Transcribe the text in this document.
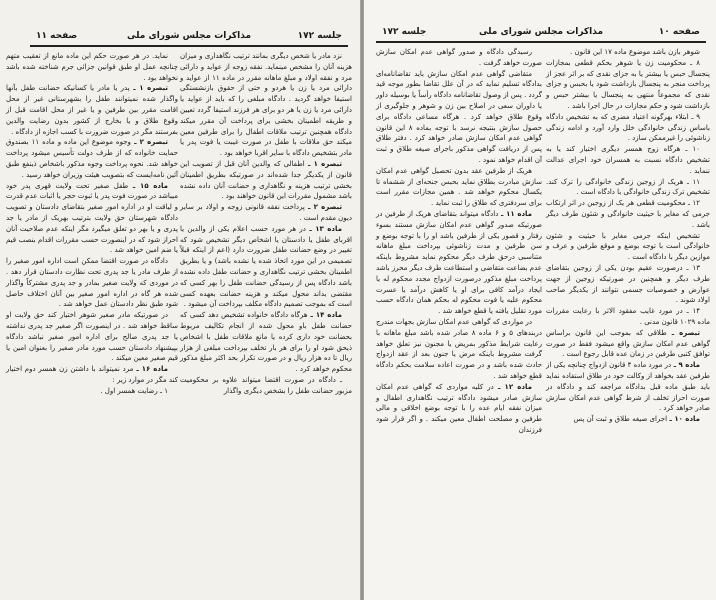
جلسه ۱۷۲
مذاکرات مجلس شورای ملی
صفحه ۱۱

نزد مادر یا شخص دیگری بمانند ترتیب نگاهداری و میزان هزینه آنان را مشخص مینماید. نفقه زوجه از عواید و دارائی مرد و نفقه اولاد و مبلغ ماهانه مقرر در ماده ۱۱ از عواید و دارائی مرد یا زن یا هردو و حتی از حقوق بازنشستگی استیفا خواهد گردید . دادگاه مبلغی را که باید از عواید یا دارائی مرد یا زن یا هر دو برای هر فرزند استیفا گردد تعیین و طریقه اطمینان بخشی برای پرداخت آن مقرر میکند دادگاه همچنین ترتیب ملاقات اطفال را برای طرفین معین میکند حق ملاقات با طفل در صورت غیبت یا فوت پدر یا مادر بتشخیص دادگاه با سایر اقربا خواهد بود .

تبصره ۱ ـ اطفالی که والدین آنان قبل از تصویب این قانون از یکدیگر جدا شده‌اند در صورتیکه بطریق اطمینان بخشی ترتیب هزینه و نگاهداری و حضانت آنان داده نشده باشد مشمول مقررات این قانون خواهند بود .

تبصره ۲ ـ پرداخت نفقه قانونی زوجه و اولاد بر سایر دیون مقدم است .

ماده ۱۳ ـ در هر مورد حسب اعلام یکی از والدین یا اقربای طفل یا دادستان یا اشخاص دیگر تشخیص شود که تغییر در وضع حضانت طفل ضرورت دارد (اعم از اینکه قبلاً تصمیمی در این مورد اتخاذ شده یا نشده باشد) و یا بطریق اطمینان بخشی ترتیب نگاهداری و حضانت طفل داده نشده باشد دادگاه پس از رسیدگی حضانت طفل را بهر کسی که مقتضی بداند محول میکند و هزینه حضانت بعهده کسی است که بموجب تصمیم دادگاه مکلف بپرداخت آن میشود .

ماده ۱۴ ـ هرگاه دادگاه خانواده تشخیص دهد کسی که حضانت طفل باو محول شده از انجام تکالیف مربوط بحضانت خود داری کرده یا مانع ملاقات طفل با اشخاص ذیحق شود او را برای هر بار تخلف بپرداخت مبلغی از هزار ریال تا ده هزار ریال و در صورت تکرار بحد اکثر مبلغ مذکور محکوم خواهد کرد .

ـ دادگاه در صورت اقتضا میتواند علاوه بر محکومیت مزبور حضانت طفل را بشخص دیگری واگذار

نماید. در هر صورت حکم این ماده مانع از تعقیب متهم چنانچه عمل او طبق قوانین جزائی جرم شناخته شده باشد نخواهد بود .

تبصره ۱ ـ پدر یا مادر یا کسانیکه حضانت طفل بآنها واگذار شده نمیتوانند طفل را بشهرستانی غیر از محل اقامت مقرر بین طرفین و یا غیر از محل اقامت قبل از وقوع طلاق و یا بخارج از کشور بدون رضایت والدین بفرستند مگر در صورت ضرورت با کسب اجازه از دادگاه .

تبصره ۲ ـ وجوه موضوع این ماده و ماده ۱۱ بصندوق حمایت خانواده که از طرف دولت تأسیس میشود پرداخت خواهد شد. نحوه پرداخت وجوه مذکور باشخاص ذینفع طبق آئین نامه‌ایست که بتصویب هیئت وزیران خواهد رسید .

ماده ۱۵ ـ طفل صغیر تحت ولایت قهری پدر خود میباشد در صورت فوت پدر یا ثبوت حجر یا اثبات عدم قدرت و لیاقت او در اداره امور صغیر بتقاضای دادستان و تصویب دادگاه شهرستان حق ولایت بترتیب بهریک از مادر یا جد پدری و یا بهر دو تعلق میگیرد مگر اینکه عدم صلاحیت آنان احراز شود که در اینصورت حسب مقررات اقدام بنصب قیم یا ضم امین خواهد شد .

دادگاه در صورت اقتضا ممکن است اداره امور صغیر را از طرف مادر یا جد پدری تحت نظارت دادستان قرار دهد . در موردی که ولایت صغیر بمادر و جد پدری مشترکاً واگذار شده هر گاه در اداره امور صغیر بین آنان اختلاف حاصل شود طبق نظر دادستان عمل خواهد شد .

در صورتیکه مادر صغیر شوهر اختیار کند حق ولایت او ساقط خواهد شد . در اینصورت اگر صغیر جد پدری نداشته یا جد پدری صالح برای اداره امور صغیر نباشد دادگاه بپیشنهاد دادستان حسب مورد مادر صغیر را بعنوان امین یا قیم صغیر معین میکند .

ماده ۱۶ ـ مرد نمیتواند با داشتن زن همسر دوم اختیار کند مگر در موارد زیر :

۱ ـ رضایت همسر اول .

صفحه ۱۰
مذاکرات مجلس شورای ملی
جلسه ۱۷۲

شوهر بازن باشد موضوع ماده ۱۷ این قانون .

۸ ـ محکومیت زن یا شوهر بحکم قطعی بمجازات پنجسال حبس یا بیشتر یا به جزای نقدی که بر اثر عجز از پرداخت منجر به پنجسال بازداشت شود یا بحبس و جزای نقدی که مجموعاً منتهی به پنجسال یا بیشتر حبس و بازداشت شود و حکم مجازات در حال اجرا باشد .

۹ ـ ابتلاء بهرگونه اعتیاد مضری که به تشخیص دادگاه باساس زندگی خانوادگی خلل وارد آورد و ادامه زندگی زناشوئی را غیرممکن سازد .

۱۰ ـ هرگاه زوج همسر دیگری اختیار کند یا به تشخیص دادگاه نسبت به همسران خود اجرای عدالت ننماید .

۱۱ ـ هریک از زوجین زندگی خانوادگی را ترک کند. تشخیص ترک زندگی خانوادگی با دادگاه است .

۱۲ ـ محکومیت قطعی هر یک از زوجین در اثر ارتکاب جرمی که مغایر با حیثیت خانوادگی و شئون طرف دیگر باشد .

تشخیص اینکه جرمی مغایر با حیثیت و شئون خانوادگی است با توجه بوضع و موقع طرفین و عرف و موازین دیگر با دادگاه است .

۱۳ ـ درصورت عقیم بودن یکی از زوجین بتقاضای طرف دیگر و همچنین در صورتیکه زوجین از جهت عوارض و خصوصیات جسمی نتوانند از یکدیگر صاحب اولاد شوند .

۱۴ ـ در مورد غایب مفقود الاثر با رعایت مقررات ماده ۱۰۲۹ قانون مدنی .

تبصره ـ طلاقی که بموجب این قانون براساس گواهی عدم امکان سازش واقع میشود فقط در صورت توافق کتبی طرفین در زمان عده قابل رجوع است .

ماده ۹ ـ در مورد ماده ۴ قانون ازدواج چنانچه یکی از طرفین عقد بخواهد از وکالت خود در طلاق استفاده نماید باید طبق ماده قبل بدادگاه مراجعه کند و دادگاه در صورت احراز تخلف از شرط گواهی عدم امکان سازش صادر خواهد کرد .

ماده ۱۰ ـ اجرای صیغه طلاق و ثبت آن پس

رسیدگی دادگاه و صدور گواهی عدم امکان سازش صورت خواهد گرفت .

متقاضی گواهی عدم امکان سازش باید تقاضانامه‌ای بدادگاه تسلیم نماید که در آن علل تقاضا بطور موجه قید گردد . پس از وصول تقاضانامه دادگاه رأساً یا بوسیله داور یا داوران سعی در اصلاح بین زن و شوهر و جلوگیری از وقوع طلاق خواهد کرد . هرگاه مساعی دادگاه برای حصول سازش بنتیجه نرسد با توجه بماده ۸ این قانون گواهی عدم امکان سازش صادر خواهد کرد . دفتر طلاق پس از دریافت گواهی مذکور باجرای صیغه طلاق و ثبت آن اقدام خواهد نمود .

هریک از طرفین عقد بدون تحصیل گواهی عدم امکان سازش مبادرت بطلاق نماید بحبس جنحه‌ای از ششماه تا یکسال محکوم خواهد شد . همین مجازات مقرر است برای سردفتری که طلاق را ثبت نماید .

ماده ۱۱ ـ دادگاه میتواند بتقاضای هریک از طرفین در صورتیکه صدور گواهی عدم امکان سازش مستند بسوء رفتار و قصور یکی از طرفین باشد او را با توجه بوضع و سن طرفین و مدت زناشوئی بپرداخت مبلغ ماهانه متناسبی درحق طرف دیگر محکوم نماید مشروط باینکه عدم بضاعت متقاضی و استطاعت طرف دیگر محرز باشد پرداخت مبلغ مذکور درصورت ازدواج مجدد محکوم له یا ایجاد درآمد کافی برای او یا کاهش درآمد یا عسرت محکوم علیه یا فوت محکوم له بحکم همان دادگاه حسب مورد تقلیل یافته یا قطع خواهد شد .

در مواردی که گواهی عدم امکان سازش بجهات مندرج دربندهای ۵ و ۶ ماده ۸ صادر شده باشد مبلغ ماهانه با رعایت شرایط مذکور بمریض یا مجنون نیز تعلق خواهد گرفت مشروط باینکه مرض یا جنون بعد از عقد ازدواج حادث شده باشد و در صورت اعاده سلامت بحکم دادگاه قطع خواهد شد .

ماده ۱۲ ـ در کلیه مواردی که گواهی عدم امکان سازش صادر میشود دادگاه ترتیب نگاهداری اطفال و میزان نفقه ایام عده را با توجه بوضع اخلاقی و مالی طرفین و مصلحت اطفال معین میکند . و اگر قرار شود فرزندان
